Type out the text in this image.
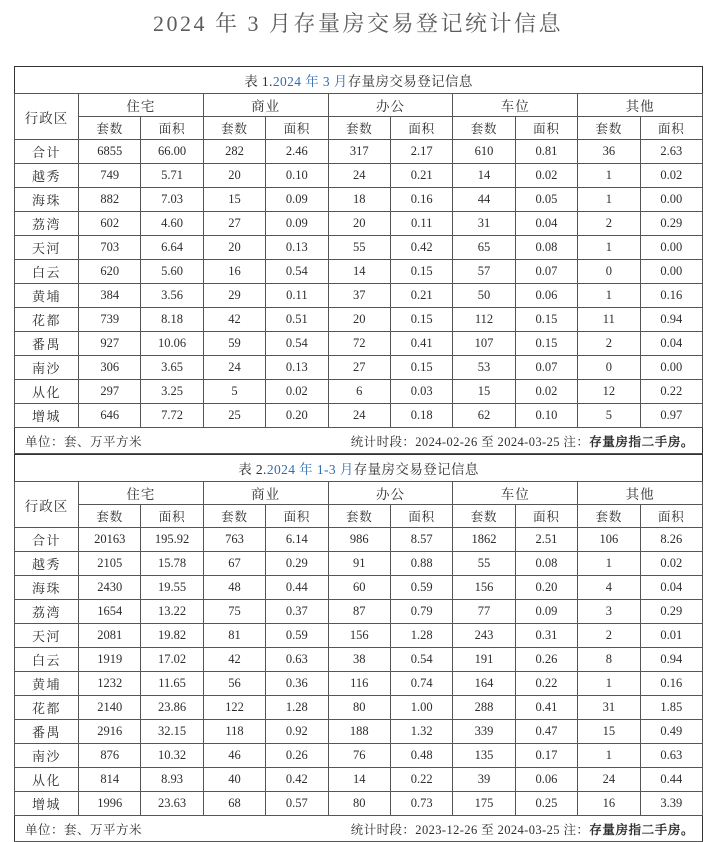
2024 年 3 月存量房交易登记统计信息
表 1.2024 年 3 月存量房交易登记信息										
行政区	住宅		商业		办公		车位		其他	
	套数	面积	套数	面积	套数	面积	套数	面积	套数	面积
合计	6855	66.00	282	2.46	317	2.17	610	0.81	36	2.63
越秀	749	5.71	20	0.10	24	0.21	14	0.02	1	0.02
海珠	882	7.03	15	0.09	18	0.16	44	0.05	1	0.00
荔湾	602	4.60	27	0.09	20	0.11	31	0.04	2	0.29
天河	703	6.64	20	0.13	55	0.42	65	0.08	1	0.00
白云	620	5.60	16	0.54	14	0.15	57	0.07	0	0.00
黄埔	384	3.56	29	0.11	37	0.21	50	0.06	1	0.16
花都	739	8.18	42	0.51	20	0.15	112	0.15	11	0.94
番禺	927	10.06	59	0.54	72	0.41	107	0.15	2	0.04
南沙	306	3.65	24	0.13	27	0.15	53	0.07	0	0.00
从化	297	3.25	5	0.02	6	0.03	15	0.02	12	0.22
增城	646	7.72	25	0.20	24	0.18	62	0.10	5	0.97

单位：套、万平方米 统计时段：2024-02-26 至 2024-03-25 注：存量房指二手房。										
表 2.2024 年 1-3 月存量房交易登记信息										
行政区	住宅		商业		办公		车位		其他	
	套数	面积	套数	面积	套数	面积	套数	面积	套数	面积
合计	20163	195.92	763	6.14	986	8.57	1862	2.51	106	8.26
越秀	2105	15.78	67	0.29	91	0.88	55	0.08	1	0.02
海珠	2430	19.55	48	0.44	60	0.59	156	0.20	4	0.04
荔湾	1654	13.22	75	0.37	87	0.79	77	0.09	3	0.29
天河	2081	19.82	81	0.59	156	1.28	243	0.31	2	0.01
白云	1919	17.02	42	0.63	38	0.54	191	0.26	8	0.94
黄埔	1232	11.65	56	0.36	116	0.74	164	0.22	1	0.16
花都	2140	23.86	122	1.28	80	1.00	288	0.41	31	1.85
番禺	2916	32.15	118	0.92	188	1.32	339	0.47	15	0.49
南沙	876	10.32	46	0.26	76	0.48	135	0.17	1	0.63
从化	814	8.93	40	0.42	14	0.22	39	0.06	24	0.44
增城	1996	23.63	68	0.57	80	0.73	175	0.25	16	3.39

单位：套、万平方米 统计时段：2023-12-26 至 2024-03-25 注：存量房指二手房。										
